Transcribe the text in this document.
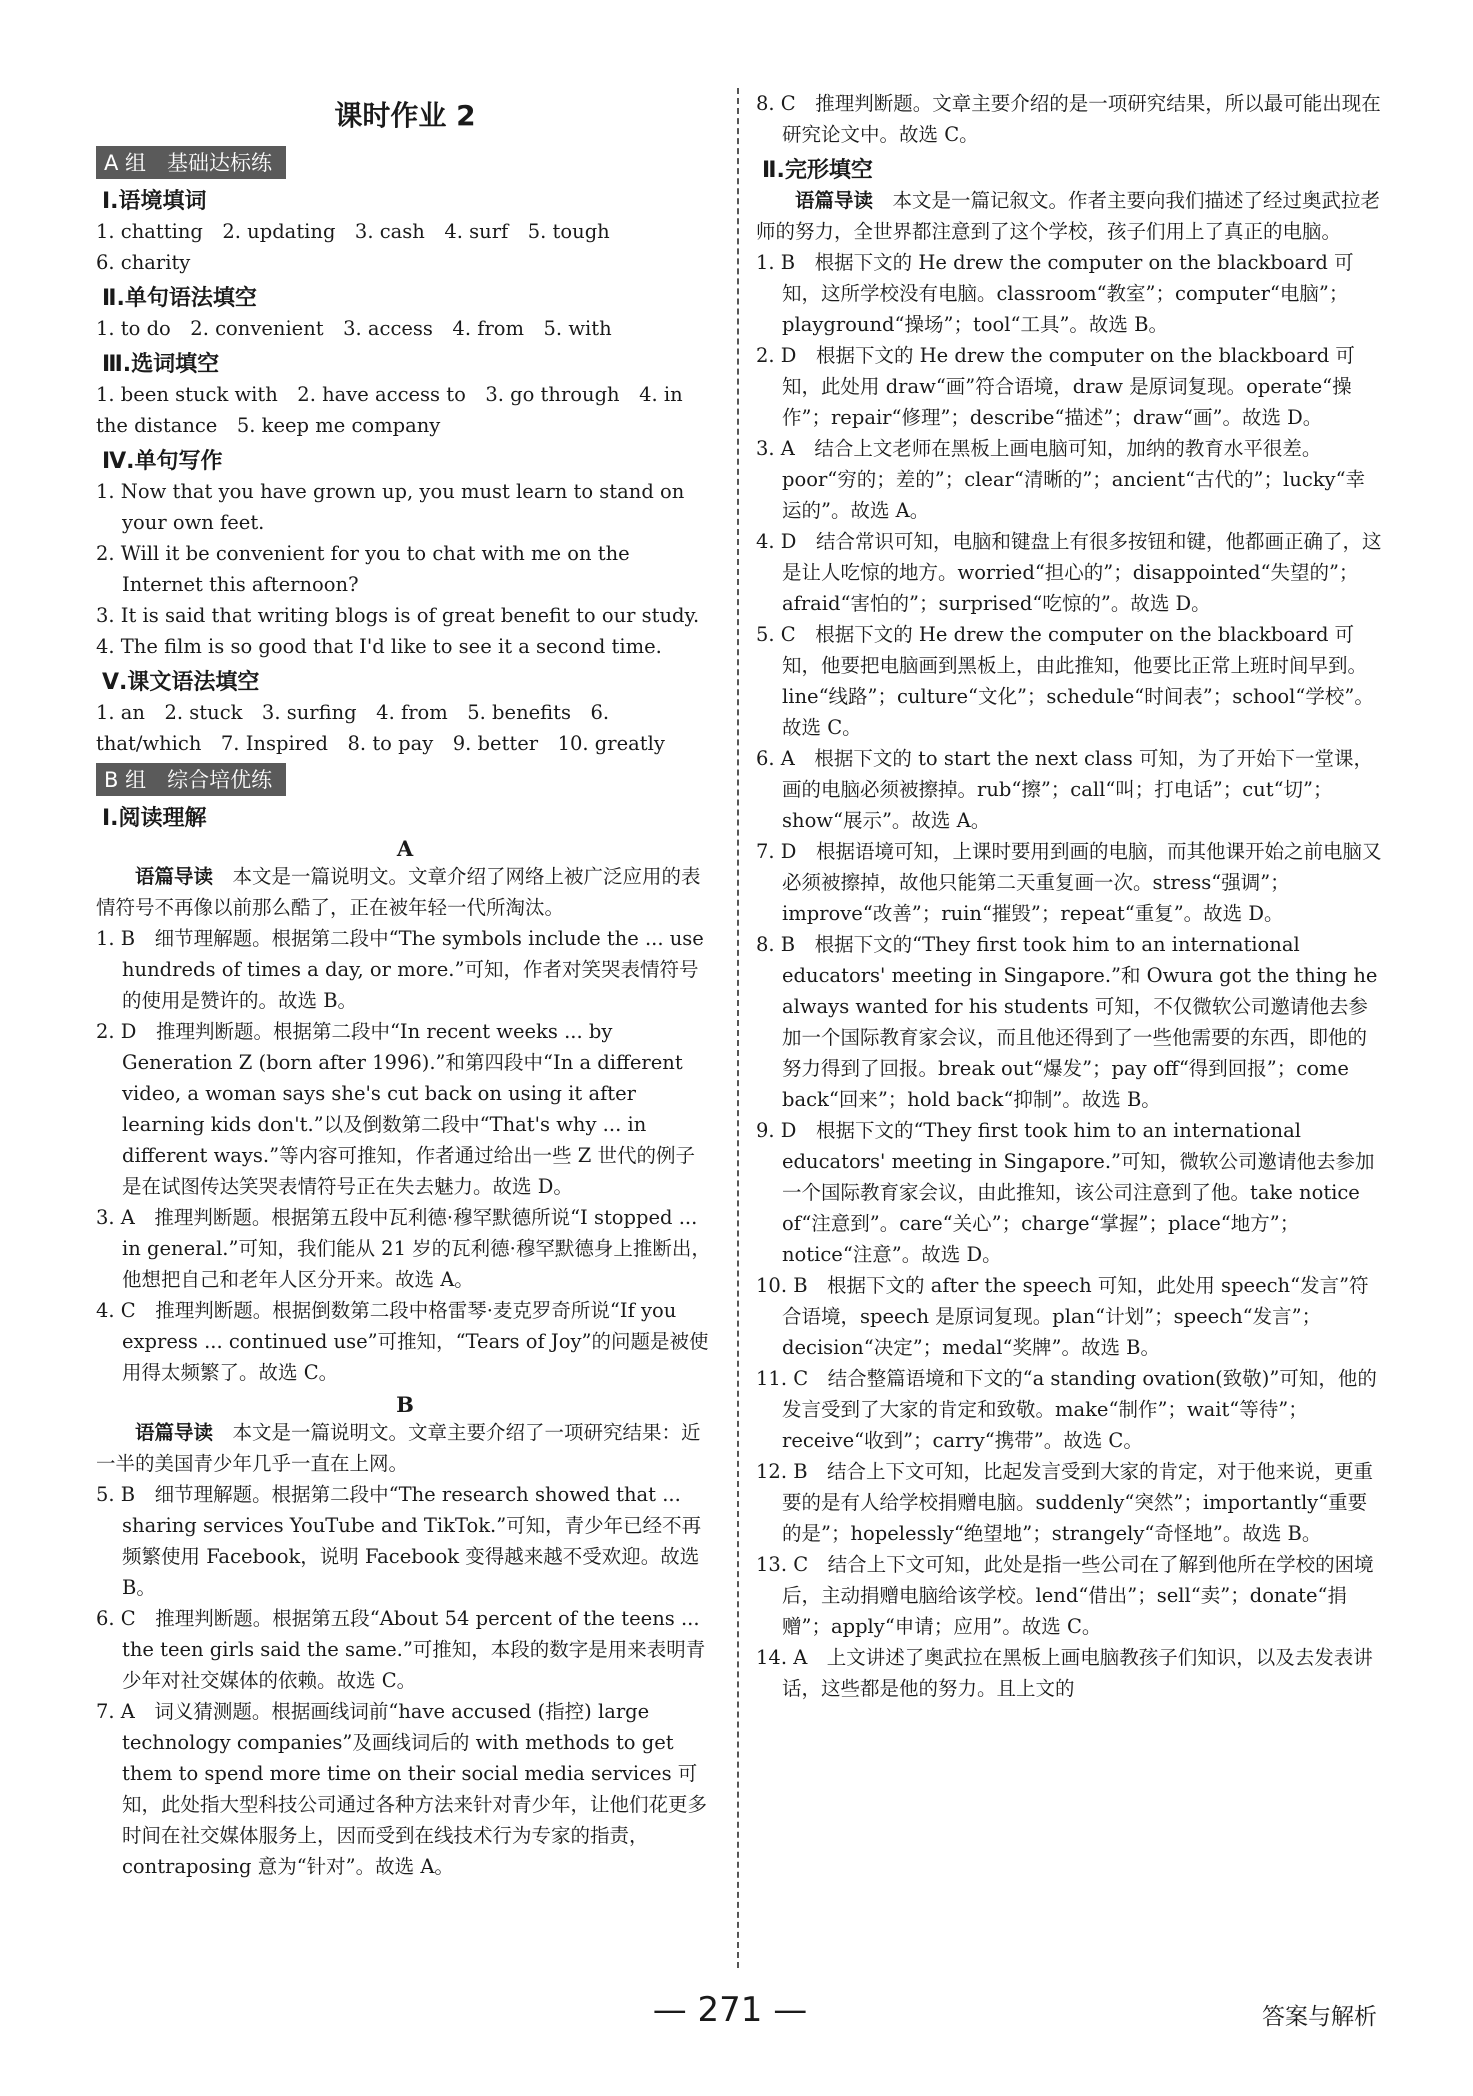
课时作业 2
A 组　基础达标练
Ⅰ.语境填词

1. chatting　2. updating　3. cash　4. surf　5. tough

6. charity

Ⅱ.单句语法填空

1. to do　2. convenient　3. access　4. from　5. with

Ⅲ.选词填空

1. been stuck with　2. have access to　3. go through　4. in the distance　5. keep me company

Ⅳ.单句写作

1. Now that you have grown up, you must learn to stand on your own feet.

2. Will it be convenient for you to chat with me on the Internet this afternoon?

3. It is said that writing blogs is of great benefit to our study.

4. The film is so good that I'd like to see it a second time.

Ⅴ.课文语法填空

1. an　2. stuck　3. surfing　4. from　5. benefits　6. that/which　7. Inspired　8. to pay　9. better　10. greatly

B 组　综合培优练
Ⅰ.阅读理解
A

语篇导读　本文是一篇说明文。文章介绍了网络上被广泛应用的表情符号不再像以前那么酷了，正在被年轻一代所淘汰。

1. B　细节理解题。根据第二段中“The symbols include the ... use hundreds of times a day, or more.”可知，作者对笑哭表情符号的使用是赞许的。故选 B。

2. D　推理判断题。根据第二段中“In recent weeks ... by Generation Z (born after 1996).”和第四段中“In a different video, a woman says she's cut back on using it after learning kids don't.”以及倒数第二段中“That's why ... in different ways.”等内容可推知，作者通过给出一些 Z 世代的例子是在试图传达笑哭表情符号正在失去魅力。故选 D。

3. A　推理判断题。根据第五段中瓦利德·穆罕默德所说“I stopped ... in general.”可知，我们能从 21 岁的瓦利德·穆罕默德身上推断出，他想把自己和老年人区分开来。故选 A。

4. C　推理判断题。根据倒数第二段中格雷琴·麦克罗奇所说“If you express ... continued use”可推知，“Tears of Joy”的问题是被使用得太频繁了。故选 C。

B

语篇导读　本文是一篇说明文。文章主要介绍了一项研究结果：近一半的美国青少年几乎一直在上网。

5. B　细节理解题。根据第二段中“The research showed that ... sharing services YouTube and TikTok.”可知，青少年已经不再频繁使用 Facebook，说明 Facebook 变得越来越不受欢迎。故选 B。

6. C　推理判断题。根据第五段“About 54 percent of the teens ... the teen girls said the same.”可推知，本段的数字是用来表明青少年对社交媒体的依赖。故选 C。

7. A　词义猜测题。根据画线词前“have accused (指控) large technology companies”及画线词后的 with methods to get them to spend more time on their social media services 可知，此处指大型科技公司通过各种方法来针对青少年，让他们花更多时间在社交媒体服务上，因而受到在线技术行为专家的指责，contraposing 意为“针对”。故选 A。

8. C　推理判断题。文章主要介绍的是一项研究结果，所以最可能出现在研究论文中。故选 C。

Ⅱ.完形填空

语篇导读　本文是一篇记叙文。作者主要向我们描述了经过奥武拉老师的努力，全世界都注意到了这个学校，孩子们用上了真正的电脑。

1. B　根据下文的 He drew the computer on the blackboard 可知，这所学校没有电脑。classroom“教室”；computer“电脑”；playground“操场”；tool“工具”。故选 B。

2. D　根据下文的 He drew the computer on the blackboard 可知，此处用 draw“画”符合语境，draw 是原词复现。operate“操作”；repair“修理”；describe“描述”；draw“画”。故选 D。

3. A　结合上文老师在黑板上画电脑可知，加纳的教育水平很差。poor“穷的；差的”；clear“清晰的”；ancient“古代的”；lucky“幸运的”。故选 A。

4. D　结合常识可知，电脑和键盘上有很多按钮和键，他都画正确了，这是让人吃惊的地方。worried“担心的”；disappointed“失望的”；afraid“害怕的”；surprised“吃惊的”。故选 D。

5. C　根据下文的 He drew the computer on the blackboard 可知，他要把电脑画到黑板上，由此推知，他要比正常上班时间早到。line“线路”；culture“文化”；schedule“时间表”；school“学校”。故选 C。

6. A　根据下文的 to start the next class 可知，为了开始下一堂课，画的电脑必须被擦掉。rub“擦”；call“叫；打电话”；cut“切”；show“展示”。故选 A。

7. D　根据语境可知，上课时要用到画的电脑，而其他课开始之前电脑又必须被擦掉，故他只能第二天重复画一次。stress“强调”；improve“改善”；ruin“摧毁”；repeat“重复”。故选 D。

8. B　根据下文的“They first took him to an international educators' meeting in Singapore.”和 Owura got the thing he always wanted for his students 可知，不仅微软公司邀请他去参加一个国际教育家会议，而且他还得到了一些他需要的东西，即他的努力得到了回报。break out“爆发”；pay off“得到回报”；come back“回来”；hold back“抑制”。故选 B。

9. D　根据下文的“They first took him to an international educators' meeting in Singapore.”可知，微软公司邀请他去参加一个国际教育家会议，由此推知，该公司注意到了他。take notice of“注意到”。care“关心”；charge“掌握”；place“地方”；notice“注意”。故选 D。

10. B　根据下文的 after the speech 可知，此处用 speech“发言”符合语境，speech 是原词复现。plan“计划”；speech“发言”；decision“决定”；medal“奖牌”。故选 B。

11. C　结合整篇语境和下文的“a standing ovation(致敬)”可知，他的发言受到了大家的肯定和致敬。make“制作”；wait“等待”；receive“收到”；carry“携带”。故选 C。

12. B　结合上下文可知，比起发言受到大家的肯定，对于他来说，更重要的是有人给学校捐赠电脑。suddenly“突然”；importantly“重要的是”；hopelessly“绝望地”；strangely“奇怪地”。故选 B。

13. C　结合上下文可知，此处是指一些公司在了解到他所在学校的困境后，主动捐赠电脑给该学校。lend“借出”；sell“卖”；donate“捐赠”；apply“申请；应用”。故选 C。

14. A　上文讲述了奥武拉在黑板上画电脑教孩子们知识，以及去发表讲话，这些都是他的努力。且上文的

— 271 —	答案与解析
